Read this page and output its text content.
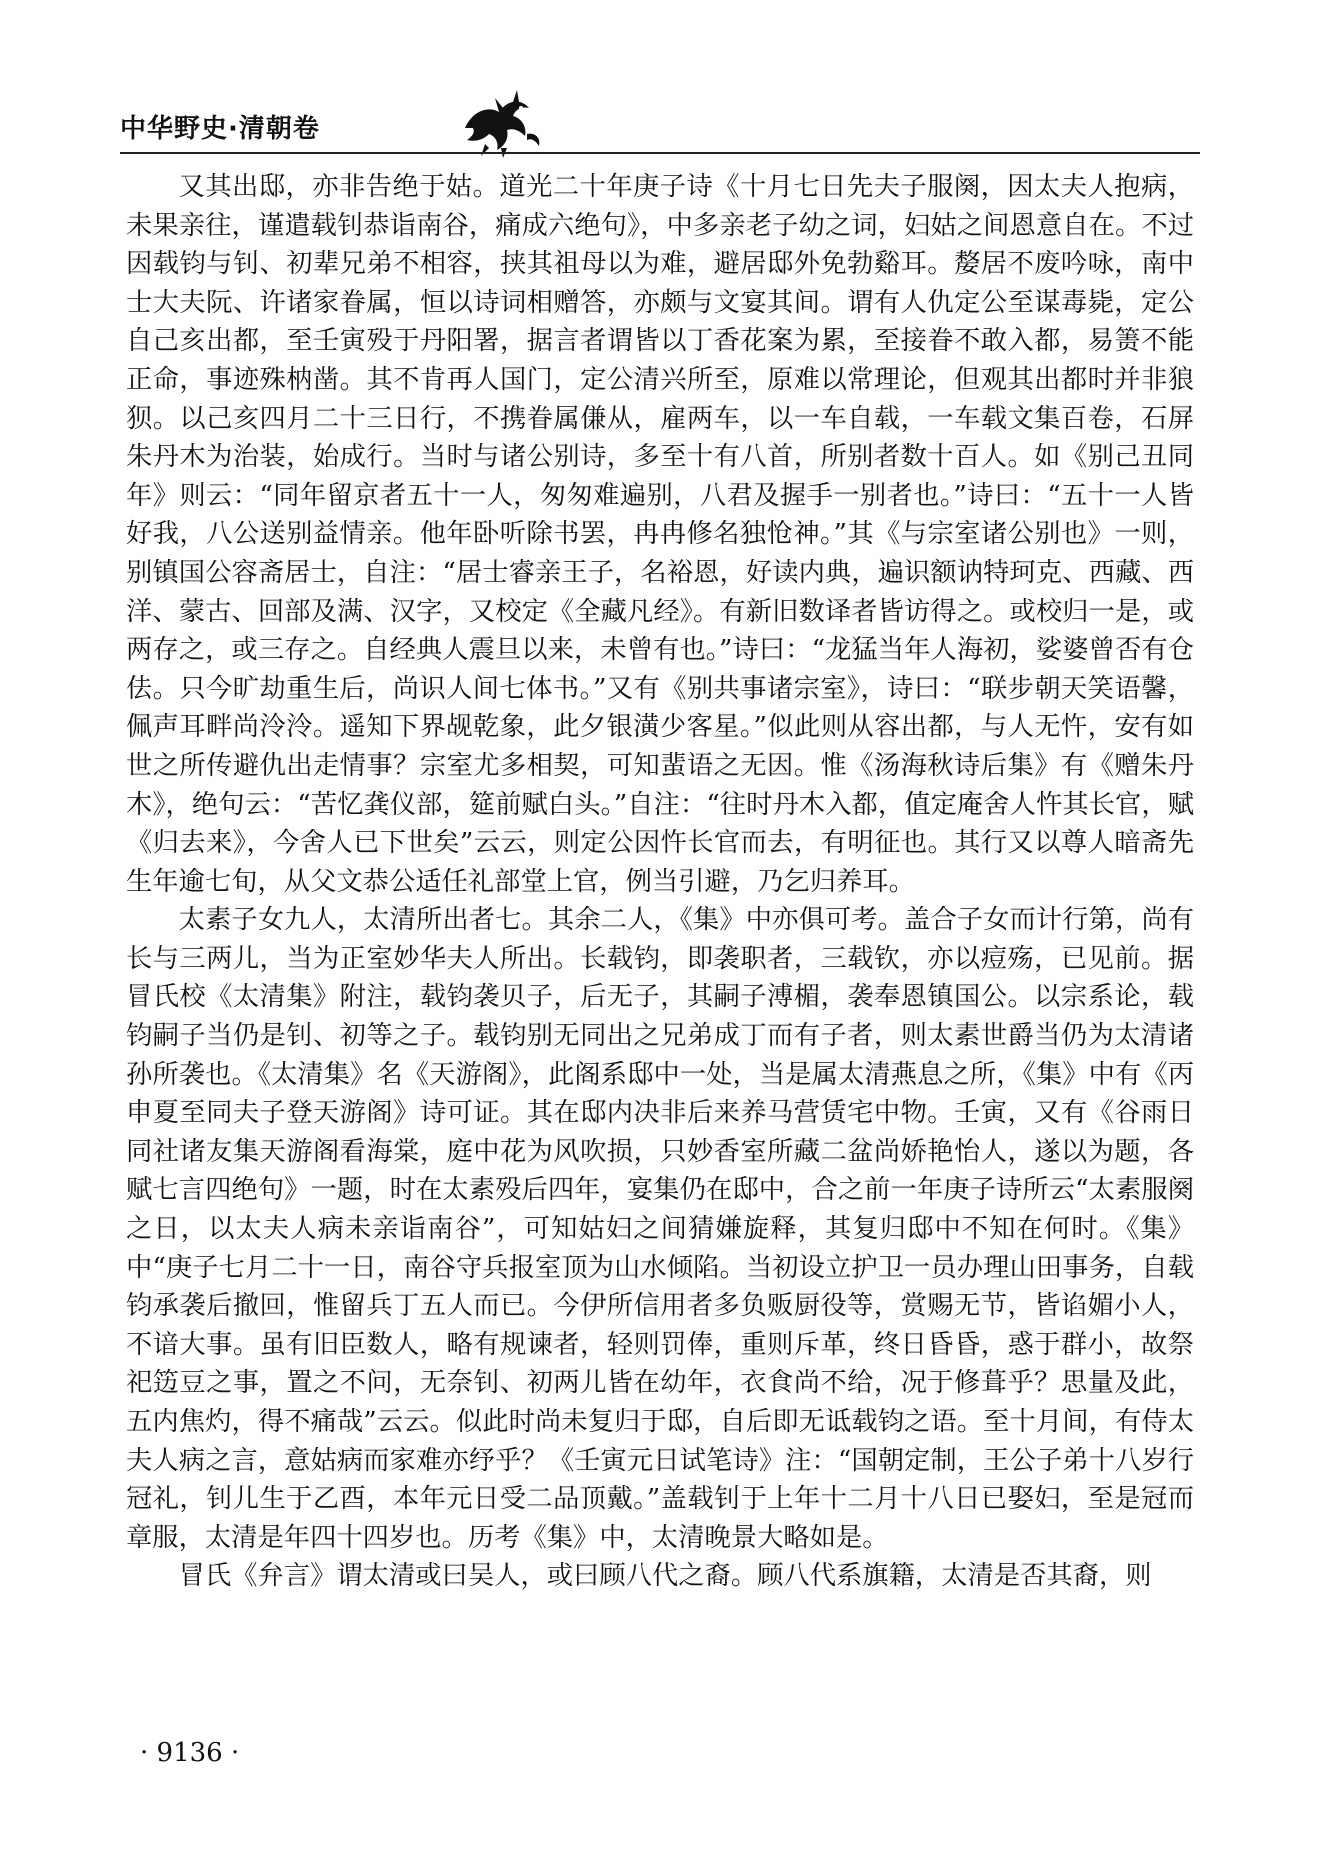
中华野史·清朝卷

又其出邸，亦非告绝于姑。道光二十年庚子诗《十月七日先夫子服阕，因太夫人抱病，未果亲往，谨遣载钊恭诣南谷，痛成六绝句》，中多亲老子幼之词，妇姑之间恩意自在。不过因载钧与钊、初辈兄弟不相容，挟其祖母以为难，避居邸外免勃谿耳。嫠居不废吟咏，南中士大夫阮、许诸家眷属，恒以诗词相赠答，亦颇与文宴其间。谓有人仇定公至谋毒毙，定公自己亥出都，至壬寅殁于丹阳署，据言者谓皆以丁香花案为累，至接眷不敢入都，易箦不能正命，事迹殊枘凿。其不肯再人国门，定公清兴所至，原难以常理论，但观其出都时并非狼狈。以己亥四月二十三日行，不携眷属傔从，雇两车，以一车自载，一车载文集百卷，石屏朱丹木为治装，始成行。当时与诸公别诗，多至十有八首，所别者数十百人。如《别己丑同年》则云：“同年留京者五十一人，匆匆难遍别，八君及握手一别者也。”诗曰：“五十一人皆好我，八公送别益情亲。他年卧听除书罢，冉冉修名独怆神。”其《与宗室诸公别也》一则，别镇国公容斋居士，自注：“居士睿亲王子，名裕恩，好读内典，遍识额讷特珂克、西藏、西洋、蒙古、回部及满、汉字，又校定《全藏凡经》。有新旧数译者皆访得之。或校归一是，或两存之，或三存之。自经典人震旦以来，未曾有也。”诗曰：“龙猛当年人海初，娑婆曾否有仓佉。只今旷劫重生后，尚识人间七体书。”又有《别共事诸宗室》，诗曰：“联步朝天笑语馨，佩声耳畔尚泠泠。遥知下界觇乾象，此夕银潢少客星。”似此则从容出都，与人无忤，安有如世之所传避仇出走情事？宗室尤多相契，可知蜚语之无因。惟《汤海秋诗后集》有《赠朱丹木》，绝句云：“苦忆龚仪部，筵前赋白头。”自注：“往时丹木入都，值定庵舍人忤其长官，赋《归去来》，今舍人已下世矣”云云，则定公因忤长官而去，有明征也。其行又以尊人暗斋先生年逾七旬，从父文恭公适任礼部堂上官，例当引避，乃乞归养耳。

太素子女九人，太清所出者七。其余二人，《集》中亦俱可考。盖合子女而计行第，尚有长与三两儿，当为正室妙华夫人所出。长载钧，即袭职者，三载钦，亦以痘殇，已见前。据冒氏校《太清集》附注，载钧袭贝子，后无子，其嗣子溥楣，袭奉恩镇国公。以宗系论，载钧嗣子当仍是钊、初等之子。载钧别无同出之兄弟成丁而有子者，则太素世爵当仍为太清诸孙所袭也。《太清集》名《天游阁》，此阁系邸中一处，当是属太清燕息之所，《集》中有《丙申夏至同夫子登天游阁》诗可证。其在邸内决非后来养马营赁宅中物。壬寅，又有《谷雨日同社诸友集天游阁看海棠，庭中花为风吹损，只妙香室所藏二盆尚娇艳怡人，遂以为题，各赋七言四绝句》一题，时在太素殁后四年，宴集仍在邸中，合之前一年庚子诗所云“太素服阕之日，以太夫人病未亲诣南谷”，可知姑妇之间猜嫌旋释，其复归邸中不知在何时。《集》中“庚子七月二十一日，南谷守兵报室顶为山水倾陷。当初设立护卫一员办理山田事务，自载钧承袭后撤回，惟留兵丁五人而已。今伊所信用者多负贩厨役等，赏赐无节，皆谄媚小人，不谙大事。虽有旧臣数人，略有规谏者，轻则罚俸，重则斥革，终日昏昏，惑于群小，故祭祀笾豆之事，置之不问，无奈钊、初两儿皆在幼年，衣食尚不给，况于修葺乎？思量及此，五内焦灼，得不痛哉”云云。似此时尚未复归于邸，自后即无诋载钧之语。至十月间，有侍太夫人病之言，意姑病而家难亦纾乎？《壬寅元日试笔诗》注：“国朝定制，王公子弟十八岁行冠礼，钊儿生于乙酉，本年元日受二品顶戴。”盖载钊于上年十二月十八日已娶妇，至是冠而章服，太清是年四十四岁也。历考《集》中，太清晚景大略如是。

冒氏《弁言》谓太清或曰吴人，或曰顾八代之裔。顾八代系旗籍，太清是否其裔，则

· 9136 ·
